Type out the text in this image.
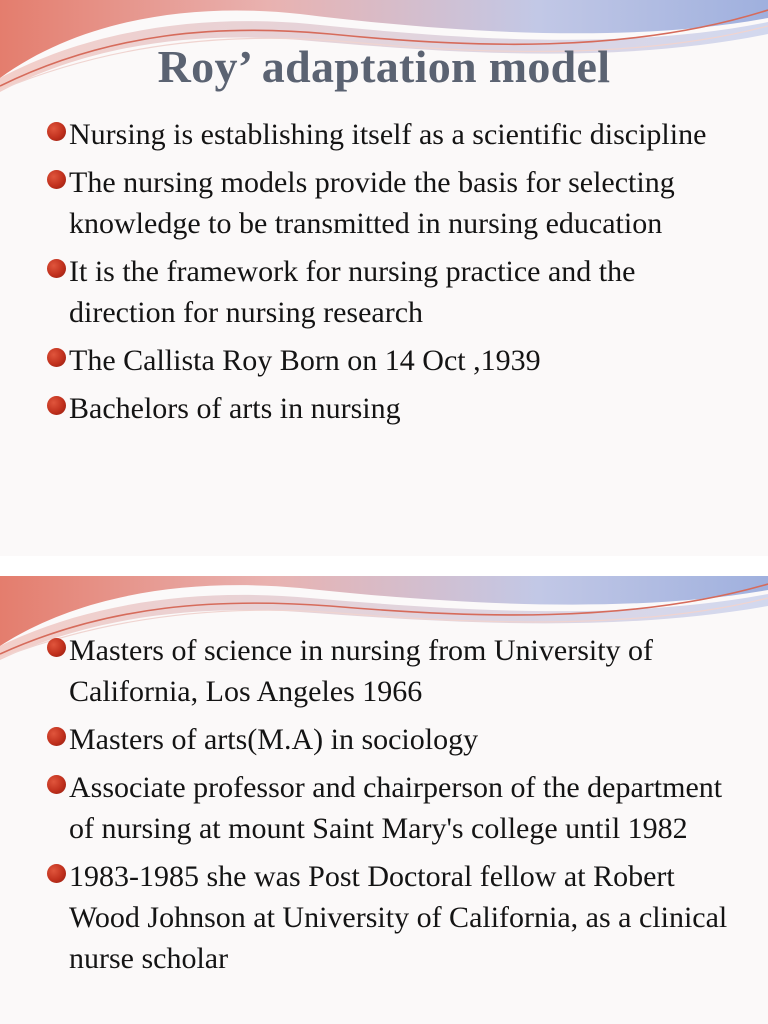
Roy’ adaptation model
Nursing is establishing itself as a scientific discipline
The nursing models provide the basis for selecting knowledge to be transmitted in nursing education
It is the framework for nursing practice and the direction for nursing research
The Callista Roy Born on 14 Oct ,1939
Bachelors of arts in nursing
Masters of science in nursing from University of California, Los Angeles 1966
Masters of arts(M.A) in sociology
Associate professor and chairperson of the department of nursing at mount Saint Mary's college until 1982
1983-1985 she was Post Doctoral fellow at Robert Wood Johnson at University of California, as a clinical nurse scholar
